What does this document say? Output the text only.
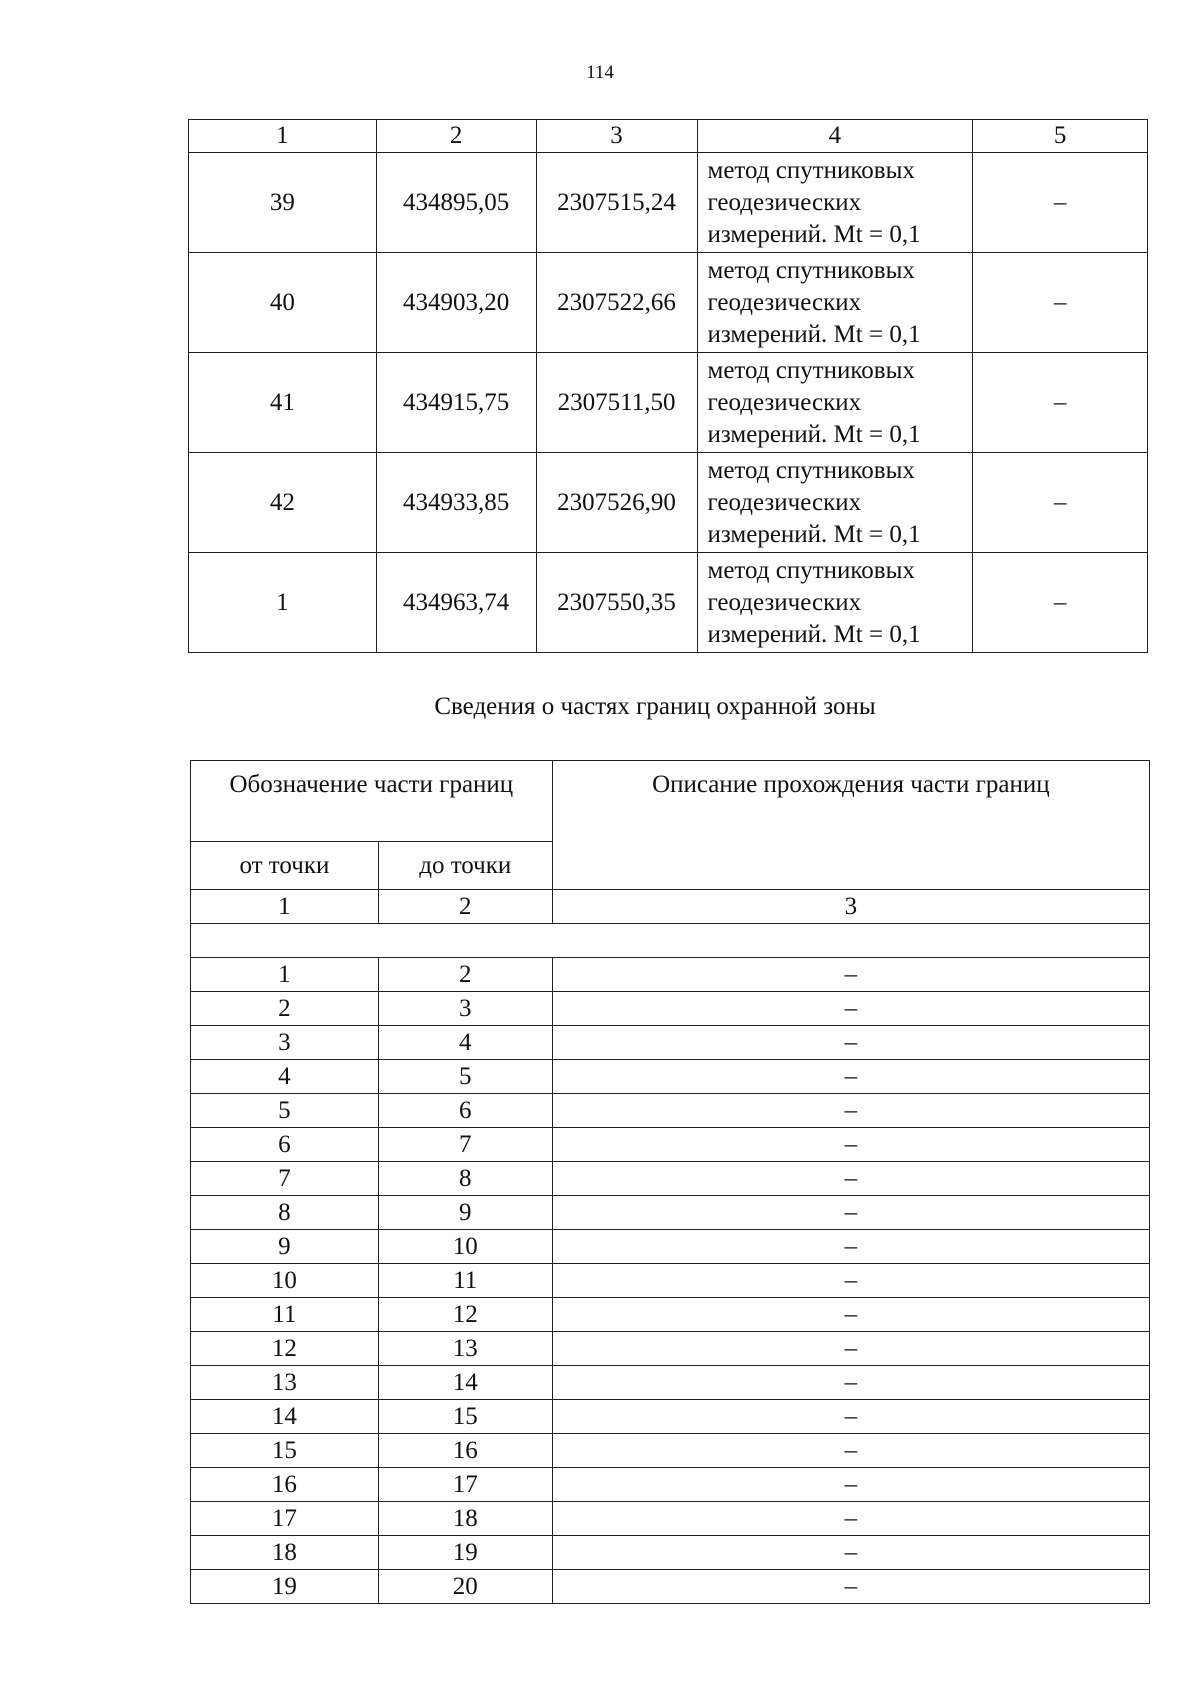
114
1	2	3	4	5
39	434895,05	2307515,24	метод спутниковых
геодезических
измерений. Mt = 0,1	–
40	434903,20	2307522,66	метод спутниковых
геодезических
измерений. Mt = 0,1	–
41	434915,75	2307511,50	метод спутниковых
геодезических
измерений. Mt = 0,1	–
42	434933,85	2307526,90	метод спутниковых
геодезических
измерений. Mt = 0,1	–
1	434963,74	2307550,35	метод спутниковых
геодезических
измерений. Mt = 0,1	–
Сведения о частях границ охранной зоны
Обозначение части границ		Описание прохождения части границ
от точки	до точки	
1	2	3

1	2	–
2	3	–
3	4	–
4	5	–
5	6	–
6	7	–
7	8	–
8	9	–
9	10	–
10	11	–
11	12	–
12	13	–
13	14	–
14	15	–
15	16	–
16	17	–
17	18	–
18	19	–
19	20	–
